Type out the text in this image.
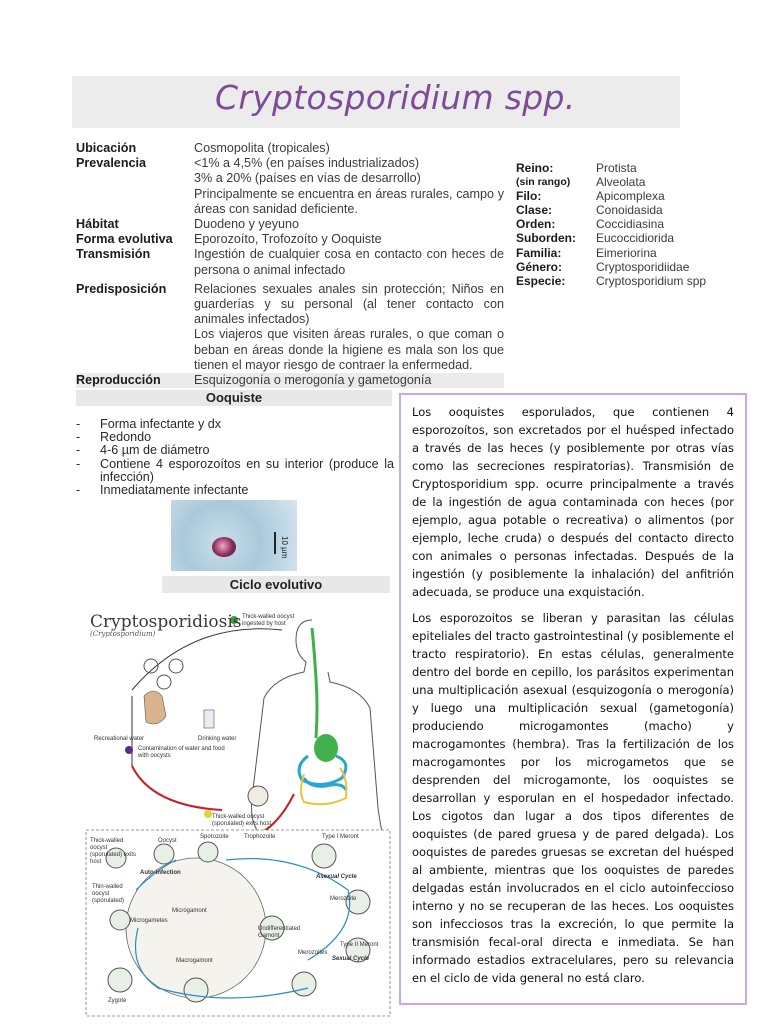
Cryptosporidium spp.
Ubicación	Cosmopolita (tropicales)
Prevalencia	<1% a 4,5% (en países industrializados)
3% a 20% (países en vías de desarrollo)
Principalmente se encuentra en áreas rurales, campo y áreas con sanidad deficiente.
Hábitat	Duodeno y yeyuno
Forma evolutiva	Eporozoíto, Trofozoíto y Ooquiste
Transmisión	Ingestión de cualquier cosa en contacto con heces de persona o animal infectado
Predisposición	Relaciones sexuales anales sin protección; Niños en guarderías y su personal (al tener contacto con animales infectados)
Los viajeros que visiten áreas rurales, o que coman o beban en áreas donde la higiene es mala son los que tienen el mayor riesgo de contraer la enfermedad.
Reproducción	Esquizogonía o merogonía y gametogonía
Reino:	Protista
(sin rango)	Alveolata
Filo:	Apicomplexa
Clase:	Conoidasida
Orden:	Coccidiasina
Suborden:	Eucoccidiorida
Familia:	Eimeriorina
Género:	Cryptosporidiidae
Especie:	Cryptosporidium spp
Ooquiste
-	Forma infectante y dx
-	Redondo
-	4-6 µm de diámetro
-	Contiene 4 esporozoítos en su interior (produce la infección)
-	Inmediatamente infectante
10 µm
Ciclo evolutivo
Cryptosporidiosis
(Cryptosporidium)
Thick-walled oocyst ingested by host
Recreational water	Drinking water
Contamination of water and food with oocysts
Thick-walled oocyst (sporulated) exits host
Thick-walled oocyst (sporulated) exits host
Oocyst
Sporozoite	Trophozoite	Type I Meront
Auto-infection
Thin-walled oocyst (sporulated)
Asexual Cycle
Merozoite
Microgamont
Microgametes
Undifferentiated Gamont
Type II Meront
Macrogamont
Zygote
Merozoites
Sexual Cycle

Los ooquistes esporulados, que contienen 4 esporozoítos, son excretados por el huésped infectado a través de las heces (y posiblemente por otras vías como las secreciones respiratorias). Transmisión de Cryptosporidium spp. ocurre principalmente a través de la ingestión de agua contaminada con heces (por ejemplo, agua potable o recreativa) o alimentos (por ejemplo, leche cruda) o después del contacto directo con animales o personas infectadas. Después de la ingestión (y posiblemente la inhalación) del anfitrión adecuada, se produce una exquistación.

Los esporozoitos se liberan y parasitan las células epiteliales del tracto gastrointestinal (y posiblemente el tracto respiratorio). En estas células, generalmente dentro del borde en cepillo, los parásitos experimentan una multiplicación asexual (esquizogonía o merogonía) y luego una multiplicación sexual (gametogonía) produciendo microgamontes (macho) y macrogamontes (hembra). Tras la fertilización de los macrogamontes por los microgametos que se desprenden del microgamonte, los ooquistes se desarrollan y esporulan en el hospedador infectado. Los cigotos dan lugar a dos tipos diferentes de ooquistes (de pared gruesa y de pared delgada). Los ooquistes de paredes gruesas se excretan del huésped al ambiente, mientras que los ooquistes de paredes delgadas están involucrados en el ciclo autoinfeccioso interno y no se recuperan de las heces. Los ooquistes son infecciosos tras la excreción, lo que permite la transmisión fecal-oral directa e inmediata. Se han informado estadios extracelulares, pero su relevancia en el ciclo de vida general no está claro.
